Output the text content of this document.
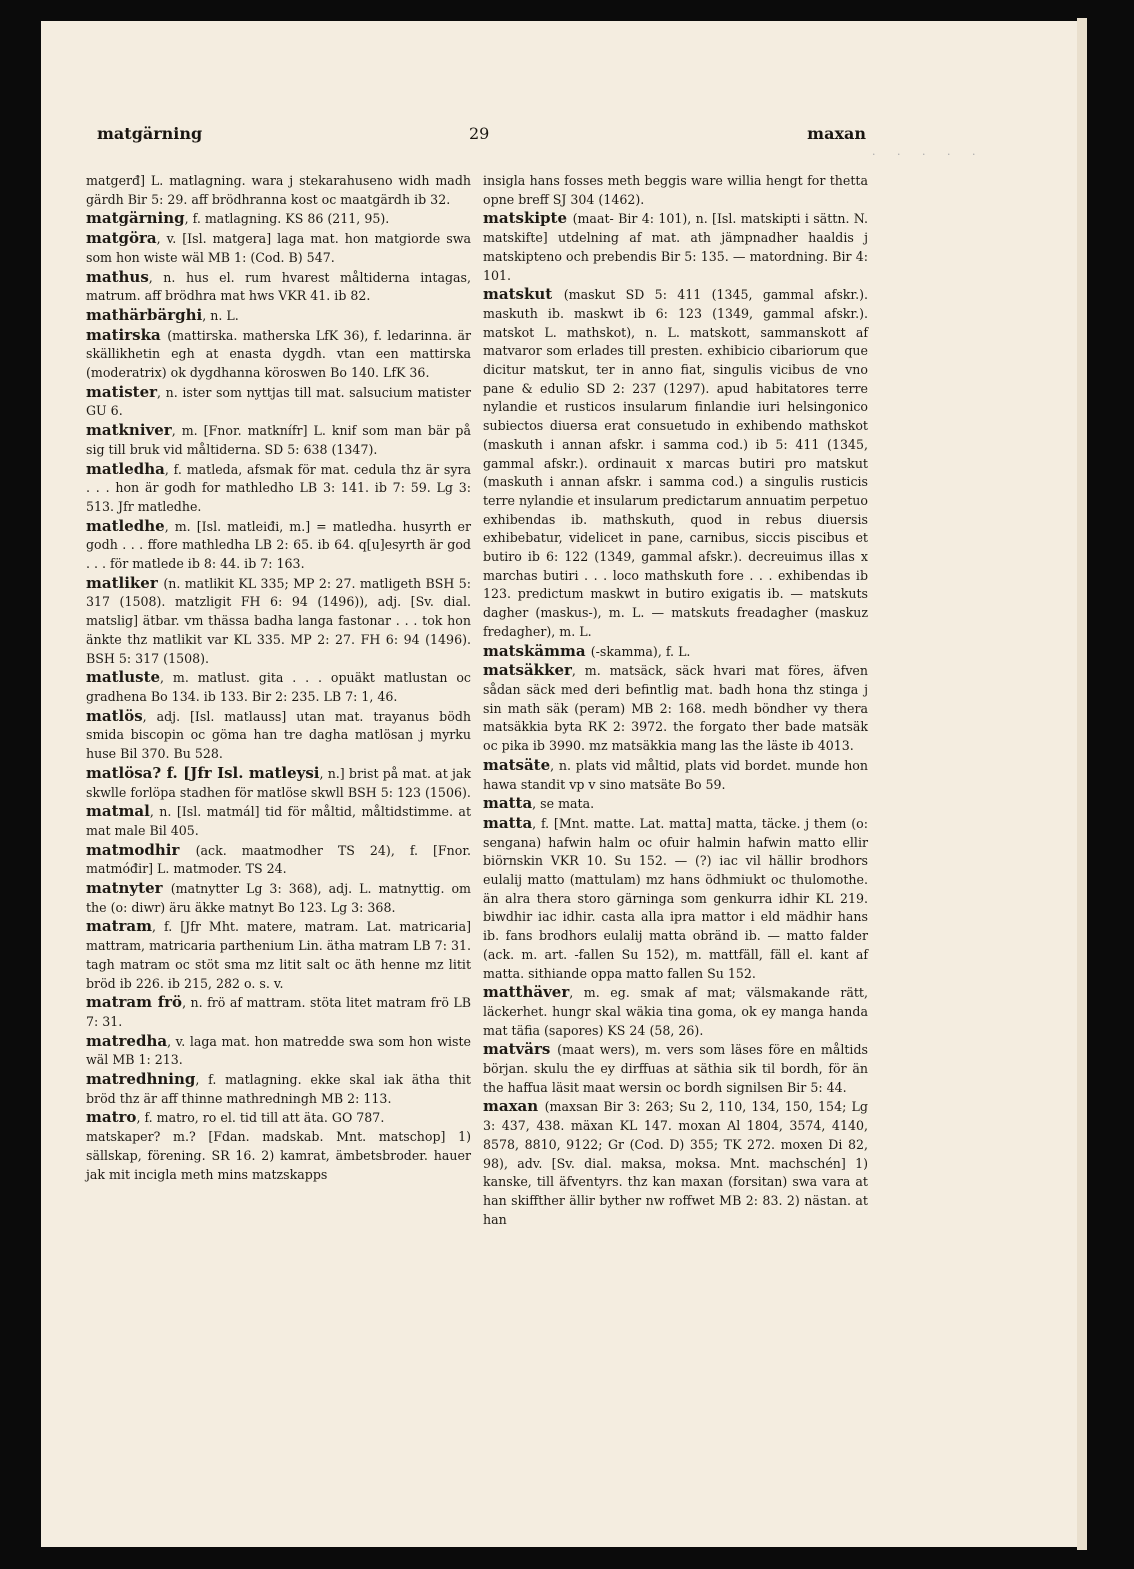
matgärning	29	maxan
· · · · ·

matgerđ] L. matlagning. wara j stekarahuseno widh madh gärdh Bir 5: 29. aff brödhranna kost oc maatgärdh ib 32.

matgärning, f. matlagning. KS 86 (211, 95).

matgöra, v. [Isl. matgera] laga mat. hon matgiorde swa som hon wiste wäl MB 1: (Cod. B) 547.

mathus, n. hus el. rum hvarest måltiderna intagas, matrum. aff brödhra mat hws VKR 41. ib 82.

mathärbärghi, n. L.

matirska (mattirska. matherska LfK 36), f. ledarinna. är skällikhetin egh at enasta dygdh. vtan een mattirska (moderatrix) ok dygdhanna köroswen Bo 140. LfK 36.

matister, n. ister som nyttjas till mat. salsucium matister GU 6.

matkniver, m. [Fnor. matknífr] L. knif som man bär på sig till bruk vid måltiderna. SD 5: 638 (1347).

matledha, f. matleda, afsmak för mat. cedula thz är syra . . . hon är godh for mathledho LB 3: 141. ib 7: 59. Lg 3: 513. Jfr matledhe.

matledhe, m. [Isl. matleiđi, m.] = matledha. husyrth er godh . . . ffore mathledha LB 2: 65. ib 64. q[u]esyrth är god . . . för matlede ib 8: 44. ib 7: 163.

matliker (n. matlikit KL 335; MP 2: 27. matligeth BSH 5: 317 (1508). matzligit FH 6: 94 (1496)), adj. [Sv. dial. matslig] ätbar. vm thässa badha langa fastonar . . . tok hon änkte thz matlikit var KL 335. MP 2: 27. FH 6: 94 (1496). BSH 5: 317 (1508).

matluste, m. matlust. gita . . . opuäkt matlustan oc gradhena Bo 134. ib 133. Bir 2: 235. LB 7: 1, 46.

matlös, adj. [Isl. matlauss] utan mat. trayanus bödh smida biscopin oc göma han tre dagha matlösan j myrku huse Bil 370. Bu 528.

matlösa? f. [Jfr Isl. matleysi, n.] brist på mat. at jak skwlle forlöpa stadhen för matlöse skwll BSH 5: 123 (1506).

matmal, n. [Isl. matmál] tid för måltid, måltidstimme. at mat male Bil 405.

matmodhir (ack. maatmodher TS 24), f. [Fnor. matmóđir] L. matmoder. TS 24.

matnyter (matnytter Lg 3: 368), adj. L. matnyttig. om the (o: diwr) äru äkke matnyt Bo 123. Lg 3: 368.

matram, f. [Jfr Mht. matere, matram. Lat. matricaria] mattram, matricaria parthenium Lin. ätha matram LB 7: 31. tagh matram oc stöt sma mz litit salt oc äth henne mz litit bröd ib 226. ib 215, 282 o. s. v.

matram frö, n. frö af mattram. stöta litet matram frö LB 7: 31.

matredha, v. laga mat. hon matredde swa som hon wiste wäl MB 1: 213.

matredhning, f. matlagning. ekke skal iak ätha thit bröd thz är aff thinne mathredningh MB 2: 113.

matro, f. matro, ro el. tid till att äta. GO 787.

matskaper? m.? [Fdan. madskab. Mnt. matschop] 1) sällskap, förening. SR 16. 2) kamrat, ämbetsbroder. hauer jak mit incigla meth mins matzskapps

insigla hans fosses meth beggis ware willia hengt for thetta opne breff SJ 304 (1462).

matskipte (maat- Bir 4: 101), n. [Isl. matskipti i sättn. N. matskifte] utdelning af mat. ath jämpnadher haaldis j matskipteno och prebendis Bir 5: 135. — matordning. Bir 4: 101.

matskut (maskut SD 5: 411 (1345, gammal afskr.). maskuth ib. maskwt ib 6: 123 (1349, gammal afskr.). matskot L. mathskot), n. L. matskott, sammanskott af matvaror som erlades till presten. exhibicio cibariorum que dicitur matskut, ter in anno fiat, singulis vicibus de vno pane & edulio SD 2: 237 (1297). apud habitatores terre nylandie et rusticos insularum finlandie iuri helsingonico subiectos diuersa erat consuetudo in exhibendo mathskot (maskuth i annan afskr. i samma cod.) ib 5: 411 (1345, gammal afskr.). ordinauit x marcas butiri pro matskut (maskuth i annan afskr. i samma cod.) a singulis rusticis terre nylandie et insularum predictarum annuatim perpetuo exhibendas ib. mathskuth, quod in rebus diuersis exhibebatur, videlicet in pane, carnibus, siccis piscibus et butiro ib 6: 122 (1349, gammal afskr.). decreuimus illas x marchas butiri . . . loco mathskuth fore . . . exhibendas ib 123. predictum maskwt in butiro exigatis ib. — matskuts dagher (maskus-), m. L. — matskuts freadagher (maskuz fredagher), m. L.

matskämma (-skamma), f. L.

matsäkker, m. matsäck, säck hvari mat föres, äfven sådan säck med deri befintlig mat. badh hona thz stinga j sin math säk (peram) MB 2: 168. medh böndher vy thera matsäkkia byta RK 2: 3972. the forgato ther bade matsäk oc pika ib 3990. mz matsäkkia mang las the läste ib 4013.

matsäte, n. plats vid måltid, plats vid bordet. munde hon hawa standit vp v sino matsäte Bo 59.

matta, se mata.

matta, f. [Mnt. matte. Lat. matta] matta, täcke. j them (o: sengana) hafwin halm oc ofuir halmin hafwin matto ellir biörnskin VKR 10. Su 152. — (?) iac vil hällir brodhors eulalij matto (mattulam) mz hans ödhmiukt oc thulomothe. än alra thera storo gärninga som genkurra idhir KL 219. biwdhir iac idhir. casta alla ipra mattor i eld mädhir hans ib. fans brodhors eulalij matta obränd ib. — matto falder (ack. m. art. -fallen Su 152), m. mattfäll, fäll el. kant af matta. sithiande oppa matto fallen Su 152.

matthäver, m. eg. smak af mat; välsmakande rätt, läckerhet. hungr skal wäkia tina goma, ok ey manga handa mat täfia (sapores) KS 24 (58, 26).

matvärs (maat wers), m. vers som läses före en måltids början. skulu the ey dirffuas at säthia sik til bordh, för än the haffua läsit maat wersin oc bordh signilsen Bir 5: 44.

maxan (maxsan Bir 3: 263; Su 2, 110, 134, 150, 154; Lg 3: 437, 438. mäxan KL 147. moxan Al 1804, 3574, 4140, 8578, 8810, 9122; Gr (Cod. D) 355; TK 272. moxen Di 82, 98), adv. [Sv. dial. maksa, moksa. Mnt. machschén] 1) kanske, till äfventyrs. thz kan maxan (forsitan) swa vara at han skiffther ällir byther nw roffwet MB 2: 83. 2) nästan. at han
